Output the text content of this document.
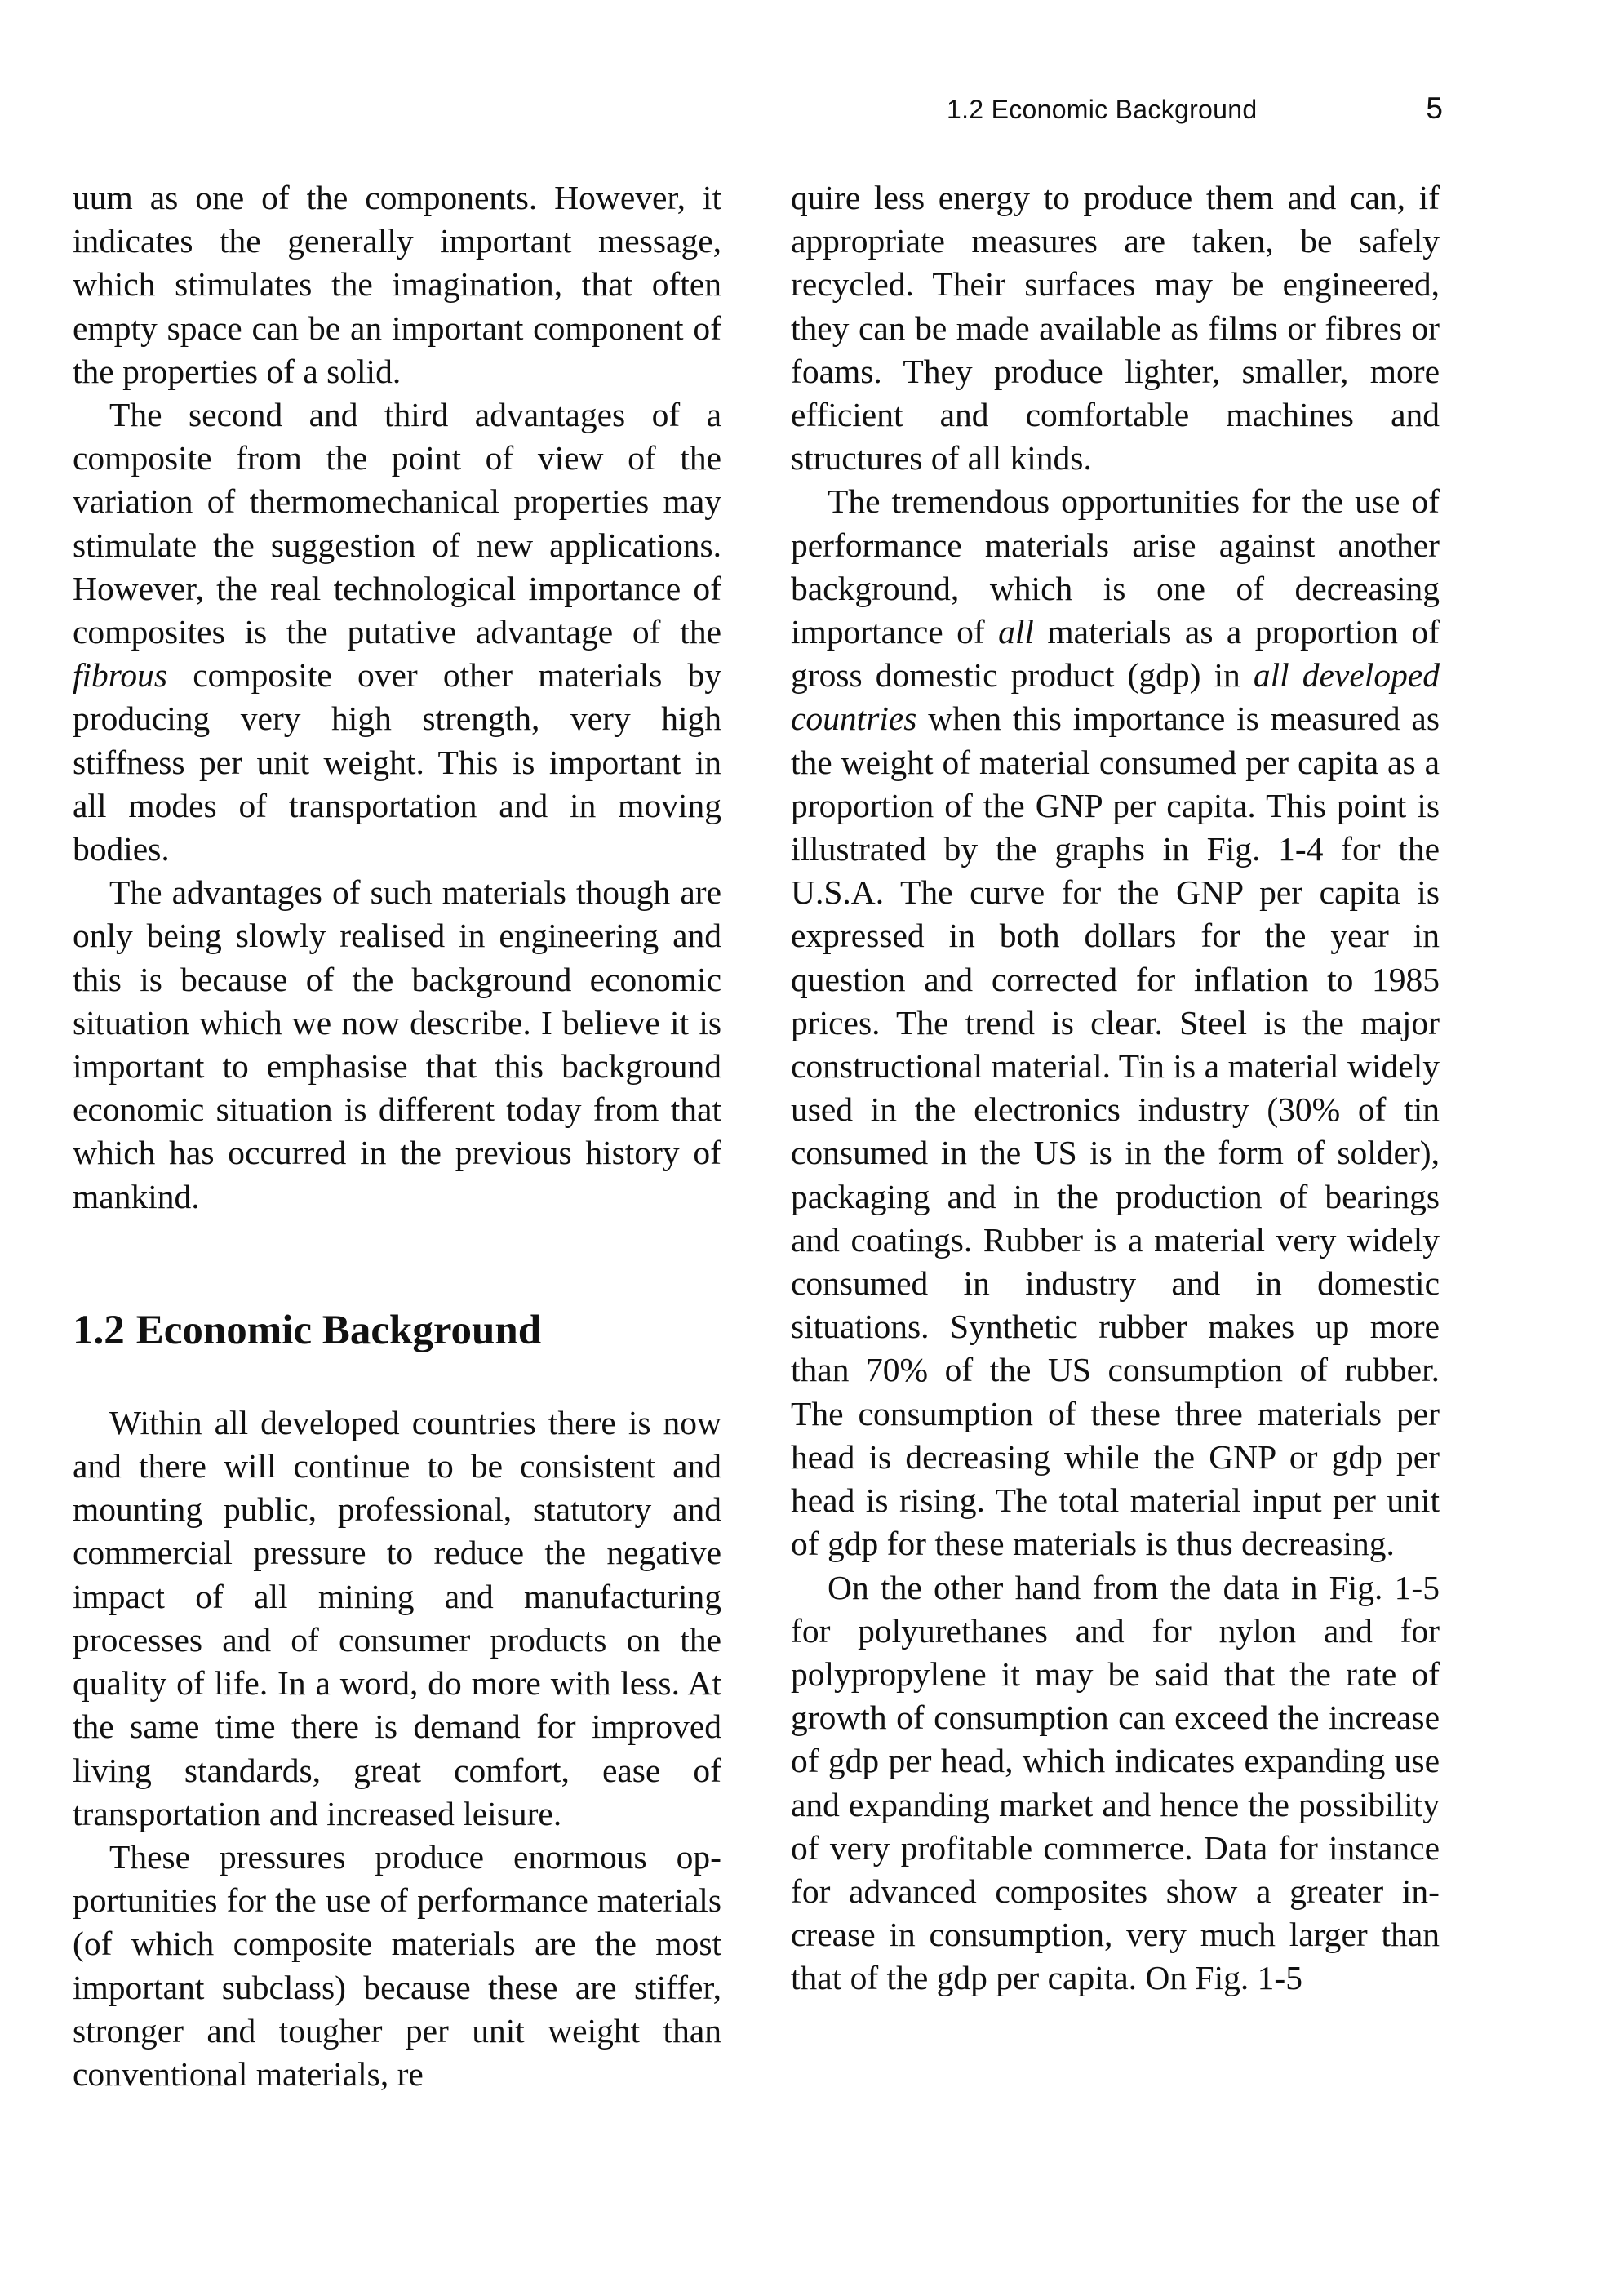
1.2 Economic Background	5

uum as one of the components. However, it indicates the generally important message, which stimulates the imagination, that often empty space can be an important component of the properties of a solid.

The second and third advantages of a composite from the point of view of the variation of thermomechanical properties may stimulate the suggestion of new applications. However, the real technological importance of composites is the putative advantage of the fibrous composite over other materials by producing very high strength, very high stiffness per unit weight. This is important in all modes of transportation and in moving bodies.

The advantages of such materials though are only being slowly realised in engineering and this is because of the background economic situation which we now describe. I believe it is important to emphasise that this background economic situation is different today from that which has occurred in the previous history of mankind.

1.2 Economic Background

Within all developed countries there is now and there will continue to be consistent and mounting public, professional, statutory and commercial pressure to reduce the negative impact of all mining and manufacturing processes and of consumer products on the quality of life. In a word, do more with less. At the same time there is demand for improved living standards, great comfort, ease of transportation and increased leisure.

These pressures produce enormous opportunities for the use of performance materials (of which composite materials are the most important subclass) because these are stiffer, stronger and tougher per unit weight than conventional materials, re

quire less energy to produce them and can, if appropriate measures are taken, be safely recycled. Their surfaces may be engineered, they can be made available as films or fibres or foams. They produce lighter, smaller, more efficient and comfortable machines and structures of all kinds.

The tremendous opportunities for the use of performance materials arise against another background, which is one of decreasing importance of all materials as a proportion of gross domestic product (gdp) in all developed countries when this importance is measured as the weight of material consumed per capita as a proportion of the GNP per capita. This point is illustrated by the graphs in Fig. 1-4 for the U.S.A. The curve for the GNP per capita is expressed in both dollars for the year in question and corrected for inflation to 1985 prices. The trend is clear. Steel is the major constructional material. Tin is a material widely used in the electronics industry (30% of tin consumed in the US is in the form of solder), packaging and in the production of bearings and coatings. Rubber is a material very widely consumed in industry and in domestic situations. Synthetic rubber makes up more than 70% of the US consumption of rubber. The consumption of these three materials per head is decreasing while the GNP or gdp per head is rising. The total material input per unit of gdp for these materials is thus decreasing.

On the other hand from the data in Fig. 1-5 for polyurethanes and for nylon and for polypropylene it may be said that the rate of growth of consumption can exceed the increase of gdp per head, which indicates expanding use and expanding market and hence the possibility of very profitable commerce. Data for instance for advanced composites show a greater increase in consumption, very much larger than that of the gdp per capita. On Fig. 1-5
